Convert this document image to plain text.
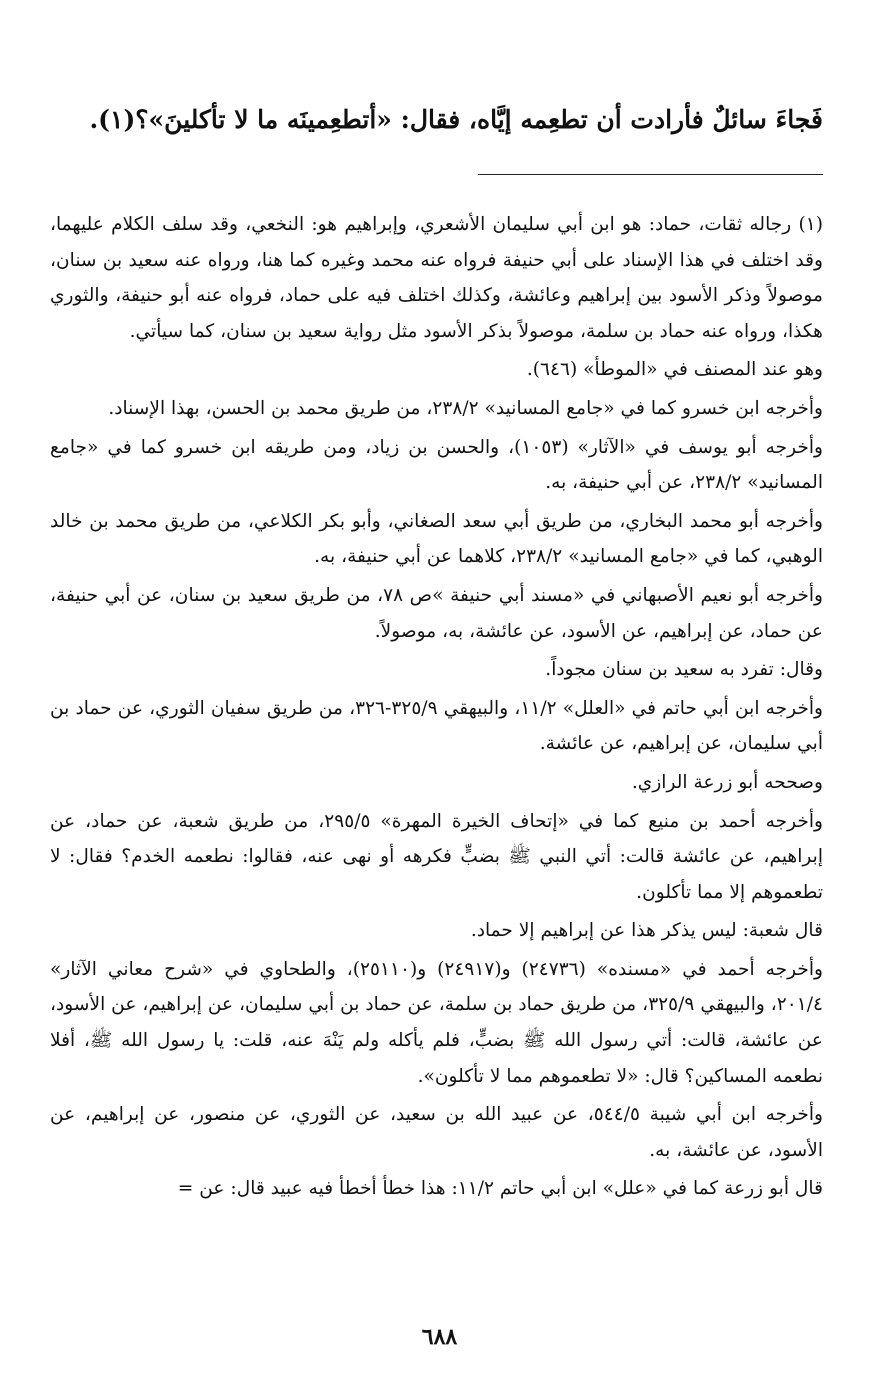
فَجاءَ سائلٌ فأرادت أن تطعِمه إيَّاه، فقال: «أتطعِمينَه ما لا تأكلينَ»؟(١).

(١) رجاله ثقات، حماد: هو ابن أبي سليمان الأشعري، وإبراهيم هو: النخعي، وقد سلف الكلام عليهما، وقد اختلف في هذا الإسناد على أبي حنيفة فرواه عنه محمد وغيره كما هنا، ورواه عنه سعيد بن سنان، موصولاً وذكر الأسود بين إبراهيم وعائشة، وكذلك اختلف فيه على حماد، فرواه عنه أبو حنيفة، والثوري هكذا، ورواه عنه حماد بن سلمة، موصولاً بذكر الأسود مثل رواية سعيد بن سنان، كما سيأتي.

وهو عند المصنف في «الموطأ» (٦٤٦).

وأخرجه ابن خسرو كما في «جامع المسانيد» ٢٣٨/٢، من طريق محمد بن الحسن، بهذا الإسناد.

وأخرجه أبو يوسف في «الآثار» (١٠٥٣)، والحسن بن زياد، ومن طريقه ابن خسرو كما في «جامع المسانيد» ٢٣٨/٢، عن أبي حنيفة، به.

وأخرجه أبو محمد البخاري، من طريق أبي سعد الصغاني، وأبو بكر الكلاعي، من طريق محمد بن خالد الوهبي، كما في «جامع المسانيد» ٢٣٨/٢، كلاهما عن أبي حنيفة، به.

وأخرجه أبو نعيم الأصبهاني في «مسند أبي حنيفة »ص ٧٨، من طريق سعيد بن سنان، عن أبي حنيفة، عن حماد، عن إبراهيم، عن الأسود، عن عائشة، به، موصولاً.

وقال: تفرد به سعيد بن سنان مجوداً.

وأخرجه ابن أبي حاتم في «العلل» ١١/٢، والبيهقي ٣٢٥/٩-٣٢٦، من طريق سفيان الثوري، عن حماد بن أبي سليمان، عن إبراهيم، عن عائشة.

وصححه أبو زرعة الرازي.

وأخرجه أحمد بن منيع كما في «إتحاف الخيرة المهرة» ٢٩٥/٥، من طريق شعبة، عن حماد، عن إبراهيم، عن عائشة قالت: أتي النبي ﷺ بضبٍّ فكرهه أو نهى عنه، فقالوا: نطعمه الخدم؟ فقال: لا تطعموهم إلا مما تأكلون.

قال شعبة: ليس يذكر هذا عن إبراهيم إلا حماد.

وأخرجه أحمد في «مسنده» (٢٤٧٣٦) و(٢٤٩١٧) و(٢٥١١٠)، والطحاوي في «شرح معاني الآثار» ٢٠١/٤، والبيهقي ٣٢٥/٩، من طريق حماد بن سلمة، عن حماد بن أبي سليمان، عن إبراهيم، عن الأسود، عن عائشة، قالت: أتي رسول الله ﷺ بضبٍّ، فلم يأكله ولم يَنْهَ عنه، قلت: يا رسول الله ﷺ، أفلا نطعمه المساكين؟ قال: «لا تطعموهم مما لا تأكلون».

وأخرجه ابن أبي شيبة ٥٤٤/٥، عن عبيد الله بن سعيد، عن الثوري، عن منصور، عن إبراهيم، عن الأسود، عن عائشة، به.

قال أبو زرعة كما في «علل» ابن أبي حاتم ١١/٢: هذا خطأ أخطأ فيه عبيد قال: عن =

٦٨٨
